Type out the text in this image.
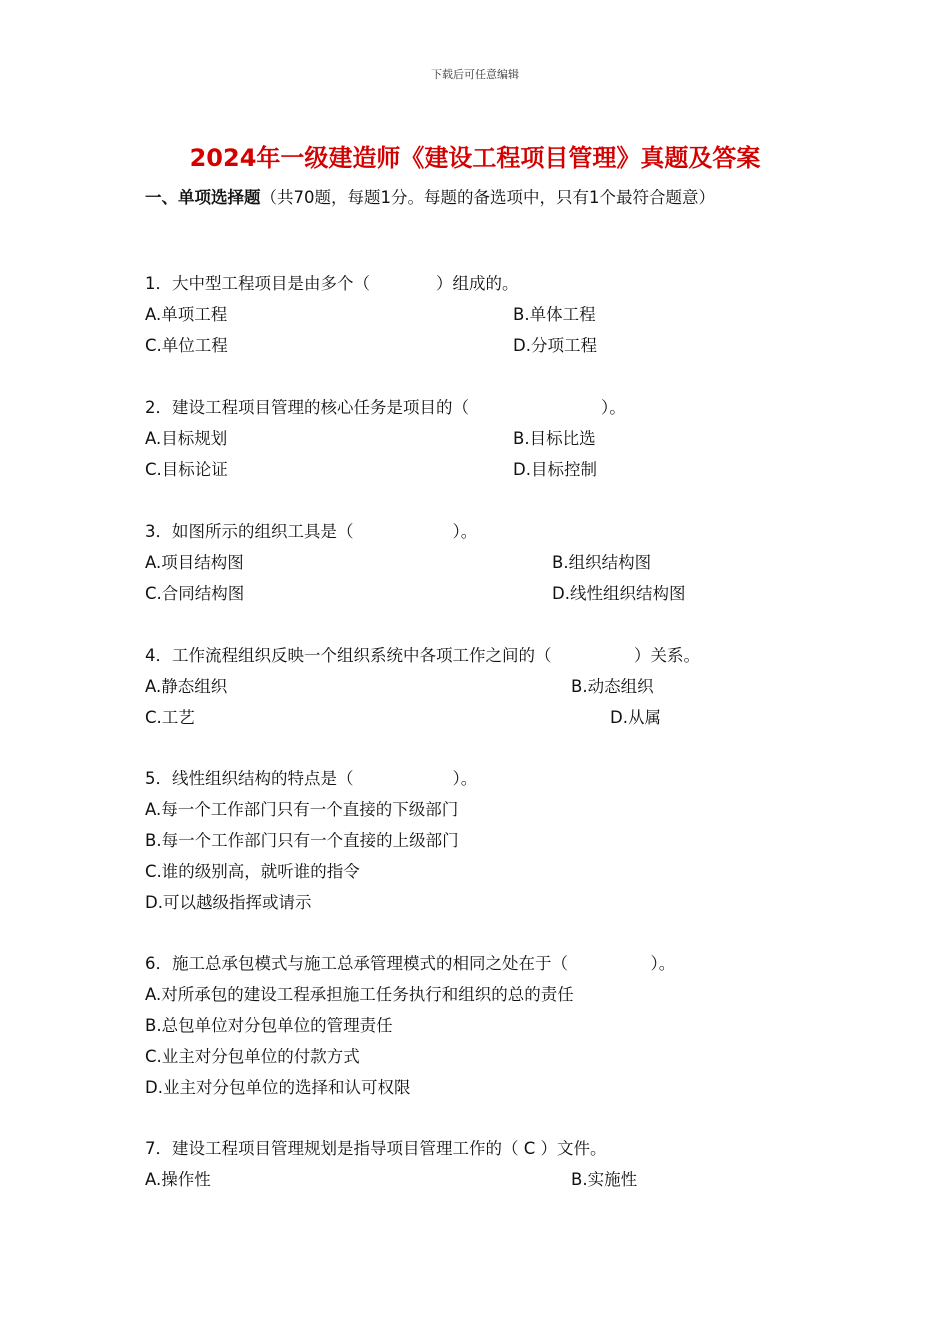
下载后可任意编辑
2024年一级建造师《建设工程项目管理》真题及答案
一、单项选择题（共70题，每题1分。每题的备选项中，只有1个最符合题意）
1．大中型工程项目是由多个（　　　　）组成的。
A.单项工程	B.单体工程
C.单位工程	D.分项工程
2．建设工程项目管理的核心任务是项目的（　　　　　　　　）。
A.目标规划	B.目标比选
C.目标论证	D.目标控制
3．如图所示的组织工具是（　　　　　　）。
A.项目结构图	B.组织结构图
C.合同结构图	D.线性组织结构图
4．工作流程组织反映一个组织系统中各项工作之间的（　　　　　）关系。
A.静态组织	B.动态组织
C.工艺	D.从属
5．线性组织结构的特点是（　　　　　　）。
A.每一个工作部门只有一个直接的下级部门
B.每一个工作部门只有一个直接的上级部门
C.谁的级别高，就听谁的指令
D.可以越级指挥或请示
6．施工总承包模式与施工总承管理模式的相同之处在于（　　　　　）。
A.对所承包的建设工程承担施工任务执行和组织的总的责任
B.总包单位对分包单位的管理责任
C.业主对分包单位的付款方式
D.业主对分包单位的选择和认可权限
7．建设工程项目管理规划是指导项目管理工作的（ C ）文件。
A.操作性	B.实施性
